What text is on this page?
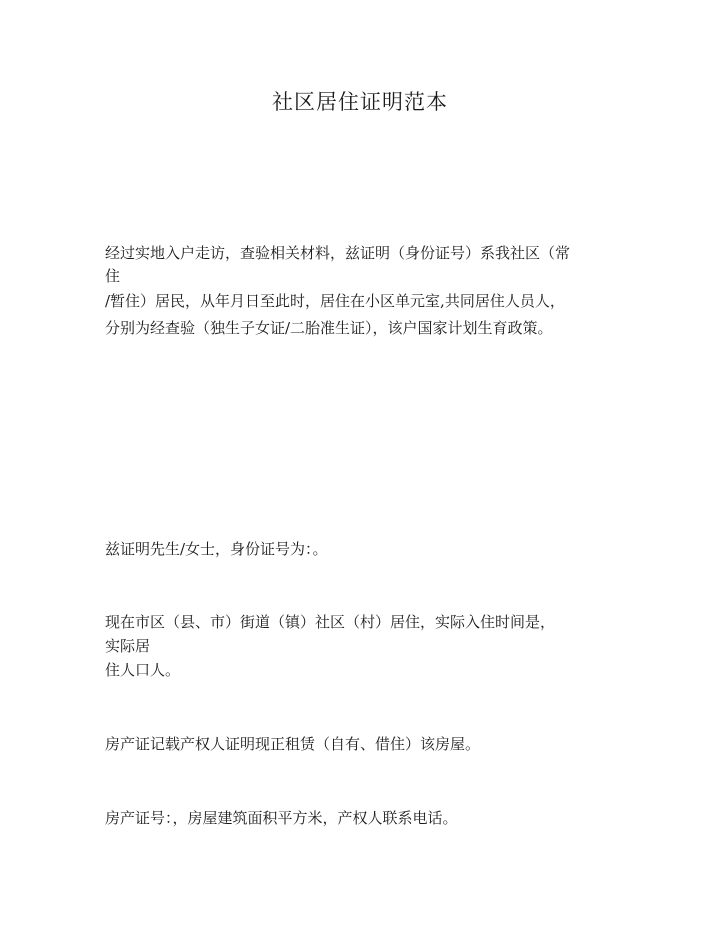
社区居住证明范本
经过实地入户走访，查验相关材料，兹证明（身份证号）系我社区（常
住
/暂住）居民，从年月日至此时，居住在小区单元室,共同居住人员人，
分别为经查验（独生子女证/二胎准生证），该户国家计划生育政策。
兹证明先生/女士，身份证号为：。
现在市区（县、市）街道（镇）社区（村）居住，实际入住时间是，
实际居
住人口人。
房产证记载产权人证明现正租赁（自有、借住）该房屋。
房产证号：，房屋建筑面积平方米，产权人联系电话。
